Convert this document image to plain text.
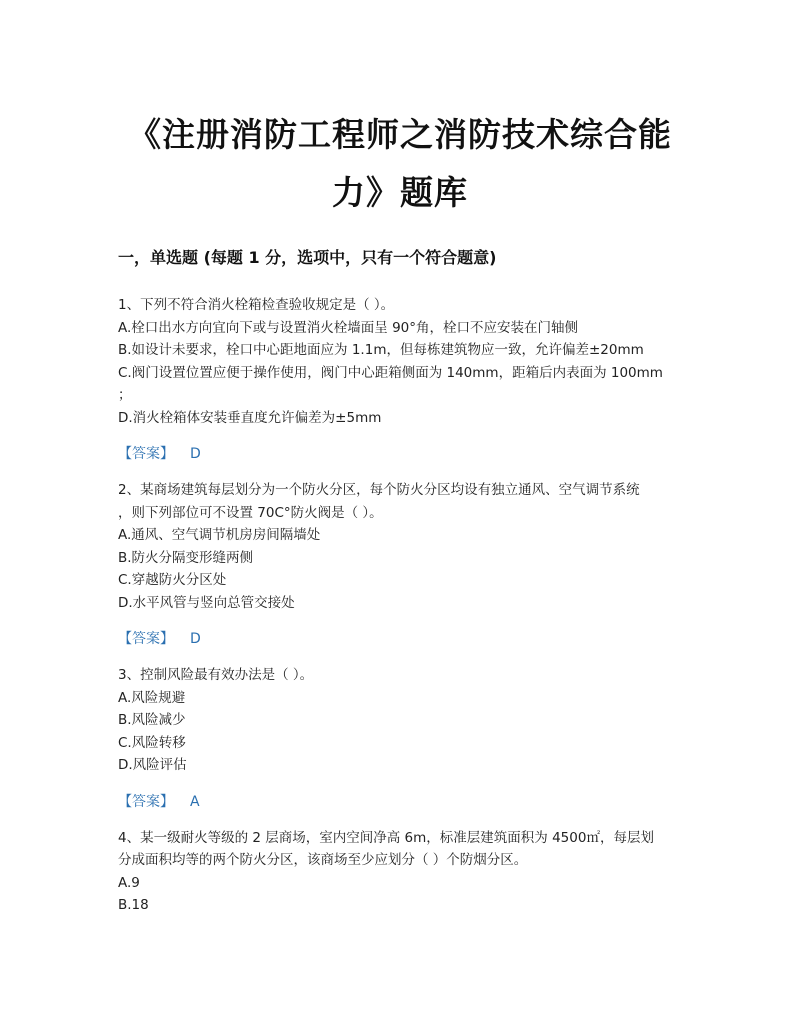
《注册消防工程师之消防技术综合能
力》题库
一，单选题 (每题 1 分，选项中，只有一个符合题意)

1、下列不符合消火栓箱检查验收规定是（ ）。

A.栓口出水方向宜向下或与设置消火栓墙面呈 90°角，栓口不应安装在门轴侧

B.如设计未要求，栓口中心距地面应为 1.1m，但每栋建筑物应一致，允许偏差±20mm

C.阀门设置位置应便于操作使用，阀门中心距箱侧面为 140mm，距箱后内表面为 100mm
；

D.消火栓箱体安装垂直度允许偏差为±5mm

【答案】 D

2、某商场建筑每层划分为一个防火分区，每个防火分区均设有独立通风、空气调节系统
，则下列部位可不设置 70C°防火阀是（ ）。

A.通风、空气调节机房房间隔墙处

B.防火分隔变形缝两侧

C.穿越防火分区处

D.水平风管与竖向总管交接处

【答案】 D

3、控制风险最有效办法是（ ）。

A.风险规避

B.风险减少

C.风险转移

D.风险评估

【答案】 A

4、某一级耐火等级的 2 层商场，室内空间净高 6m，标准层建筑面积为 4500㎡，每层划
分成面积均等的两个防火分区，该商场至少应划分（ ）个防烟分区。

A.9

B.18
